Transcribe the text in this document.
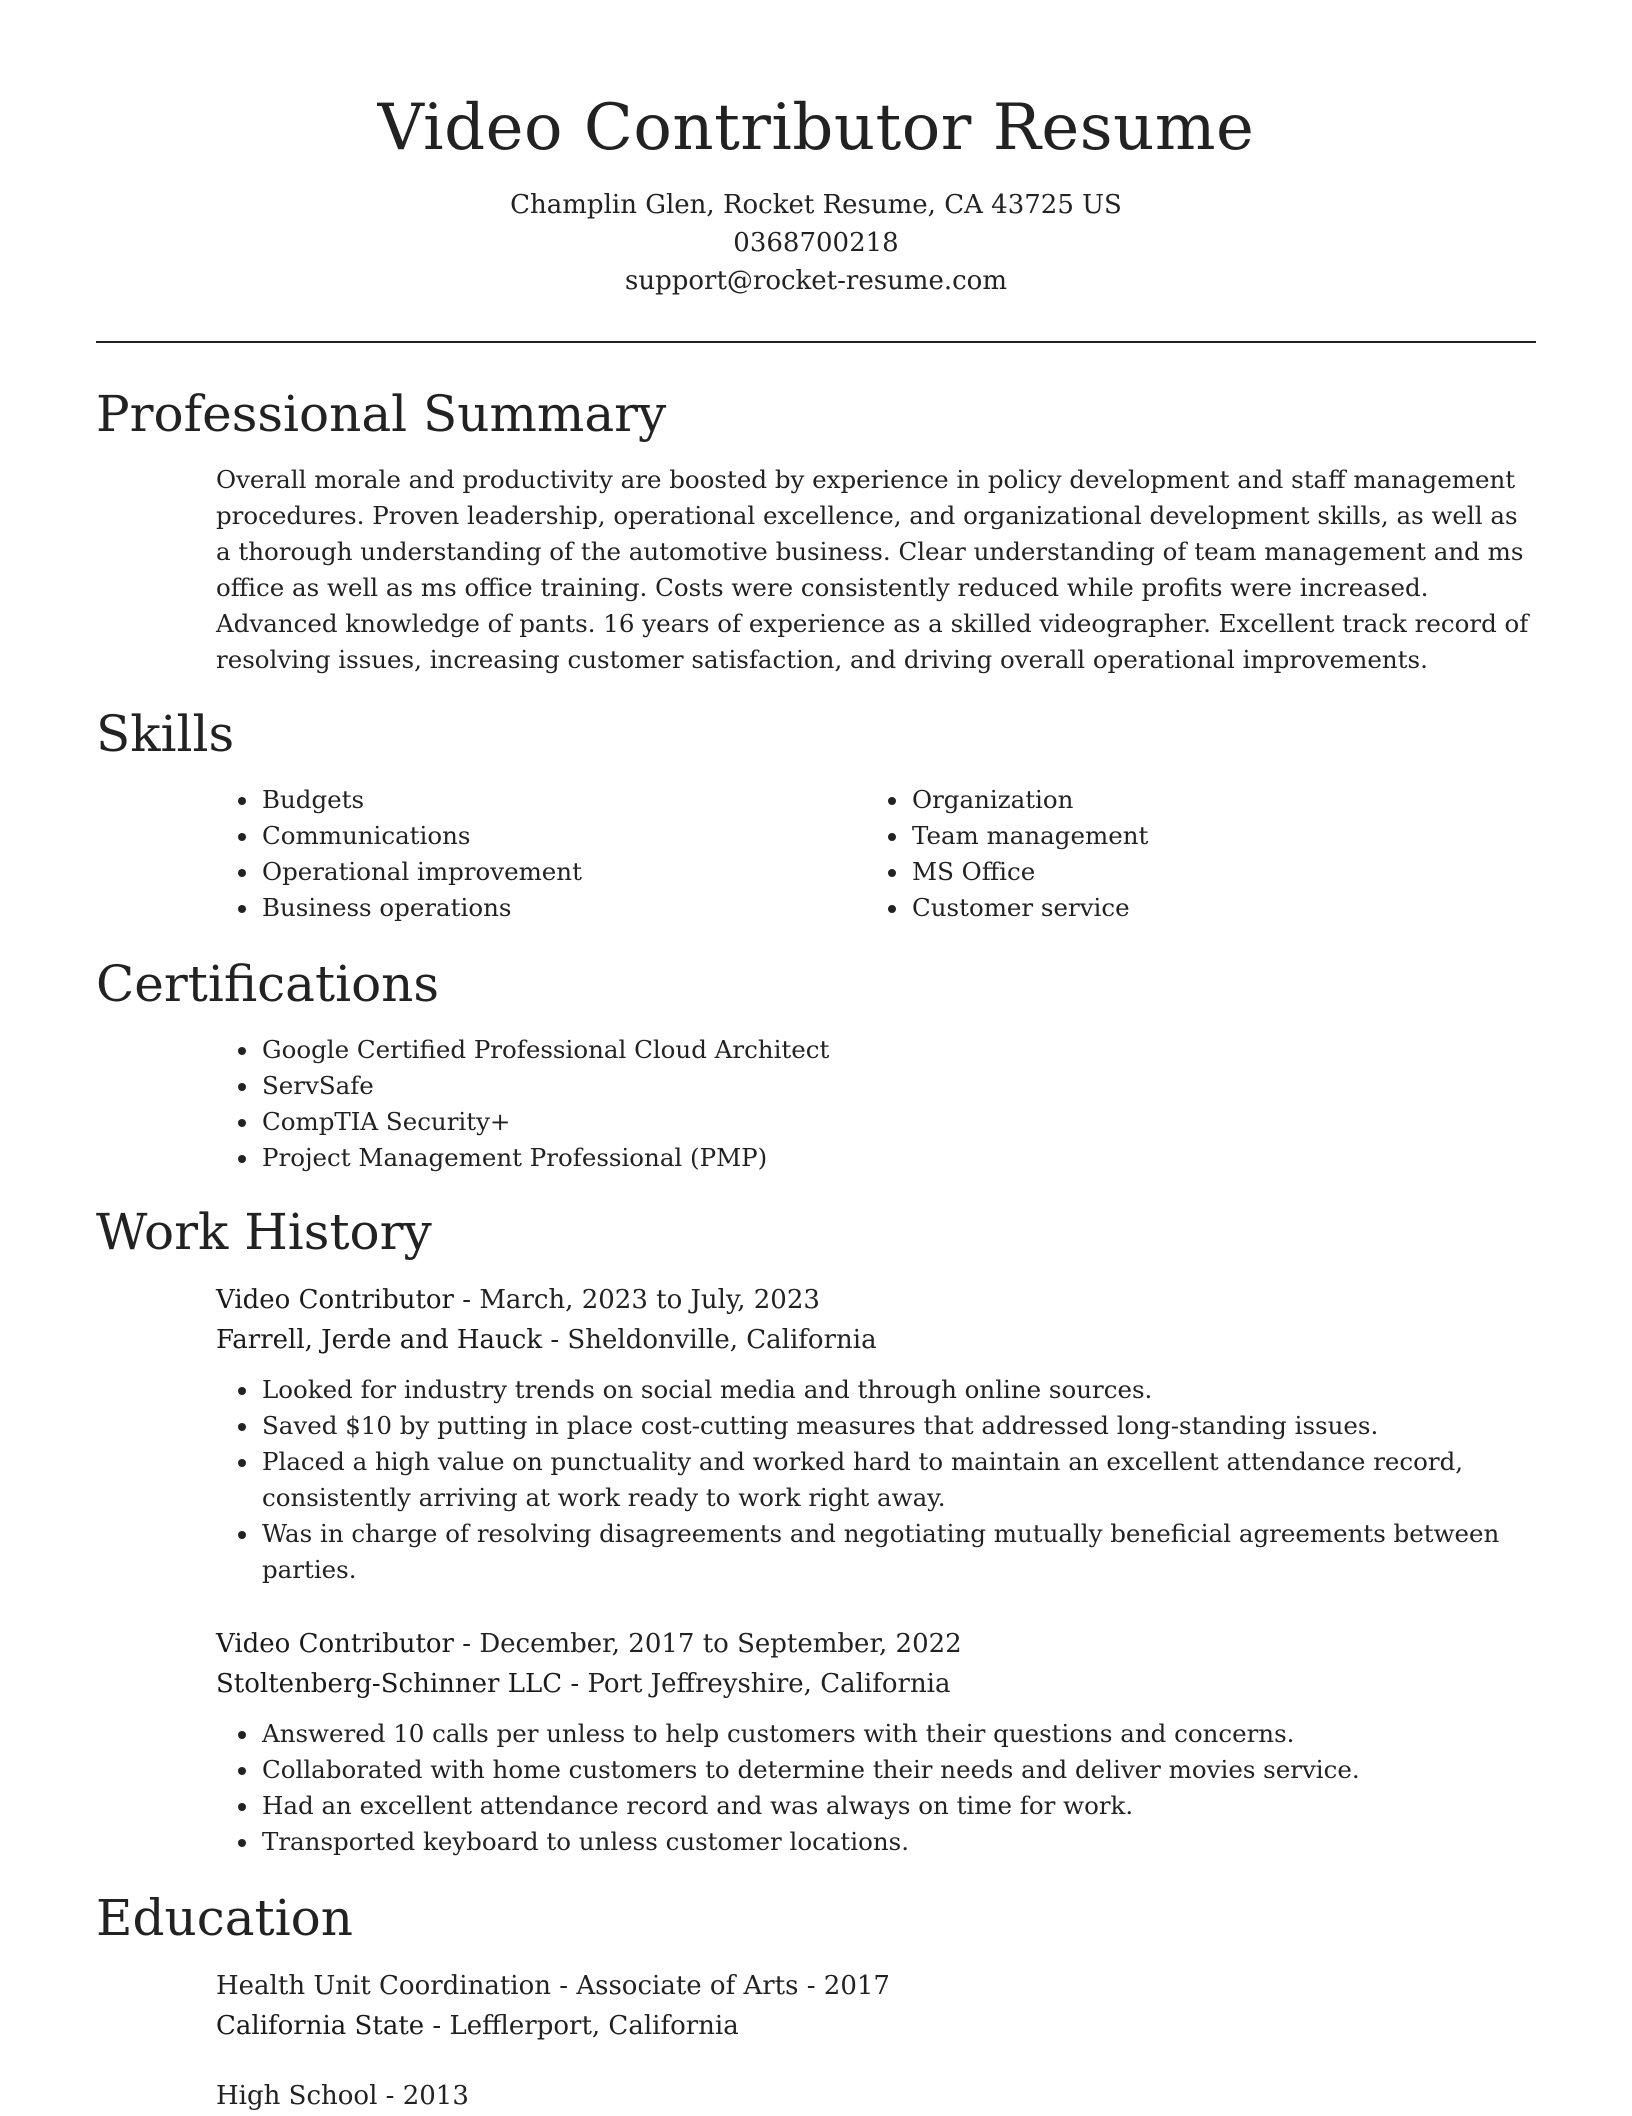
Video Contributor Resume

Champlin Glen, Rocket Resume, CA 43725 US

0368700218

support@rocket-resume.com

Professional Summary

Overall morale and productivity are boosted by experience in policy development and staff management procedures. Proven leadership, operational excellence, and organizational development skills, as well as a thorough understanding of the automotive business. Clear understanding of team management and ms office as well as ms office training. Costs were consistently reduced while profits were increased. Advanced knowledge of pants. 16 years of experience as a skilled videographer. Excellent track record of resolving issues, increasing customer satisfaction, and driving overall operational improvements.

Skills
• Budgets
• Communications
• Operational improvement
• Business operations
• Organization
• Team management
• MS Office
• Customer service
Certifications
• Google Certified Professional Cloud Architect
• ServSafe
• CompTIA Security+
• Project Management Professional (PMP)
Work History

Video Contributor - March, 2023 to July, 2023

Farrell, Jerde and Hauck - Sheldonville, California

• Looked for industry trends on social media and through online sources.
• Saved $10 by putting in place cost-cutting measures that addressed long-standing issues.
• Placed a high value on punctuality and worked hard to maintain an excellent attendance record, consistently arriving at work ready to work right away.
• Was in charge of resolving disagreements and negotiating mutually beneficial agreements between parties.

Video Contributor - December, 2017 to September, 2022

Stoltenberg-Schinner LLC - Port Jeffreyshire, California

• Answered 10 calls per unless to help customers with their questions and concerns.
• Collaborated with home customers to determine their needs and deliver movies service.
• Had an excellent attendance record and was always on time for work.
• Transported keyboard to unless customer locations.
Education

Health Unit Coordination - Associate of Arts - 2017

California State - Lefflerport, California

High School - 2013
